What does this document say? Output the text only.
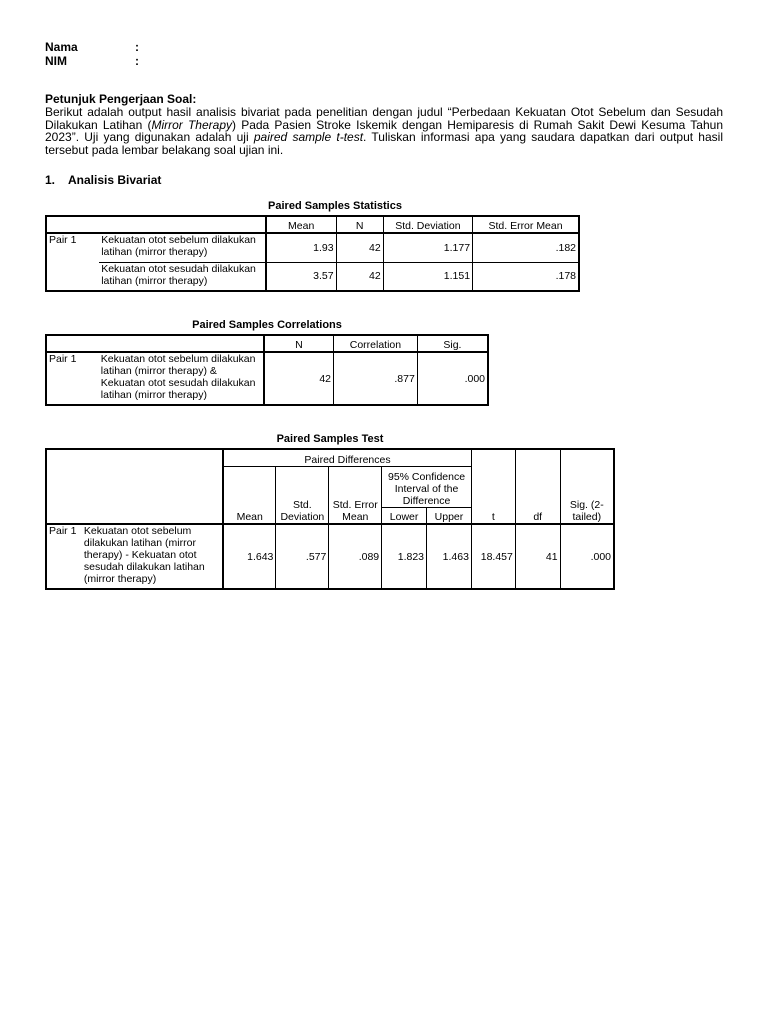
Nama	:
NIM	:
Petunjuk Pengerjaan Soal:
Berikut adalah output hasil analisis bivariat pada penelitian dengan judul “Perbedaan Kekuatan Otot Sebelum dan Sesudah Dilakukan Latihan (Mirror Therapy) Pada Pasien Stroke Iskemik dengan Hemiparesis di Rumah Sakit Dewi Kesuma Tahun 2023”. Uji yang digunakan adalah uji paired sample t-test. Tuliskan informasi apa yang saudara dapatkan dari output hasil tersebut pada lembar belakang soal ujian ini.
1. Analisis Bivariat
Paired Samples Statistics
		Mean	N	Std. Deviation	Std. Error Mean
Pair 1	Kekuatan otot sebelum dilakukan latihan (mirror therapy)	1.93	42	1.177	.182
	Kekuatan otot sesudah dilakukan latihan (mirror therapy)	3.57	42	1.151	.178
Paired Samples Correlations
		N	Correlation	Sig.
Pair 1	Kekuatan otot sebelum dilakukan latihan (mirror therapy) & Kekuatan otot sesudah dilakukan latihan (mirror therapy)	42	.877	.000
Paired Samples Test
		Paired Differences					t	df	Sig. (2-tailed)
		Mean	Std. Deviation	Std. Error Mean	95% Confidence Interval of the Difference				

					Lower	Upper			
Pair 1	Kekuatan otot sebelum dilakukan latihan (mirror therapy) - Kekuatan otot sesudah dilakukan latihan (mirror therapy)	1.643	.577	.089	1.823	1.463	18.457	41	.000
